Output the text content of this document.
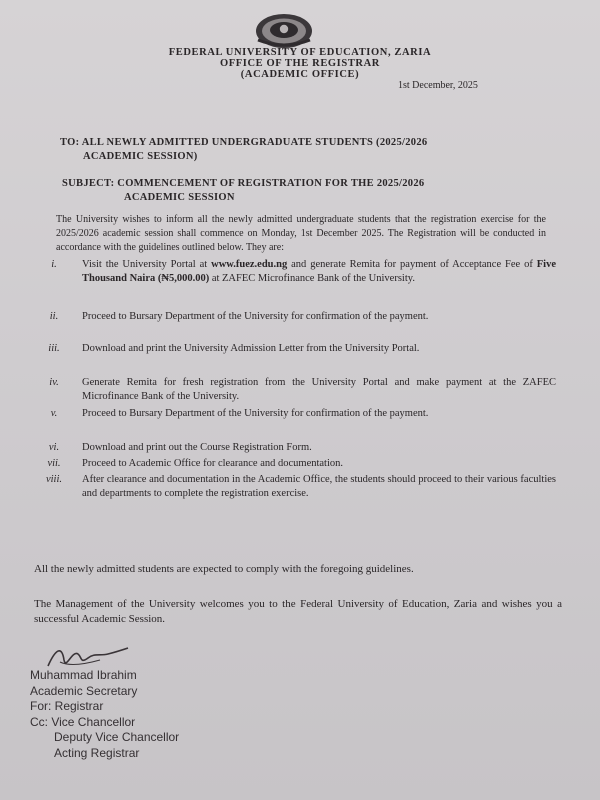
FEDERAL UNIVERSITY OF EDUCATION, ZARIA
OFFICE OF THE REGISTRAR
(ACADEMIC OFFICE)
1st December, 2025
TO: ALL NEWLY ADMITTED UNDERGRADUATE STUDENTS (2025/2026
ACADEMIC SESSION)
SUBJECT: COMMENCEMENT OF REGISTRATION FOR THE 2025/2026
ACADEMIC SESSION
The University wishes to inform all the newly admitted undergraduate students that the registration exercise for the 2025/2026 academic session shall commence on Monday, 1st December 2025. The Registration will be conducted in accordance with the guidelines outlined below. They are:
i.	Visit the University Portal at www.fuez.edu.ng and generate Remita for payment of Acceptance Fee of Five Thousand Naira (₦5,000.00) at ZAFEC Microfinance Bank of the University.
ii.	Proceed to Bursary Department of the University for confirmation of the payment.
iii.	Download and print the University Admission Letter from the University Portal.
iv.	Generate Remita for fresh registration from the University Portal and make payment at the ZAFEC Microfinance Bank of the University.
v.	Proceed to Bursary Department of the University for confirmation of the payment.
vi.	Download and print out the Course Registration Form.
vii.	Proceed to Academic Office for clearance and documentation.
viii.	After clearance and documentation in the Academic Office, the students should proceed to their various faculties and departments to complete the registration exercise.
All the newly admitted students are expected to comply with the foregoing guidelines.
The Management of the University welcomes you to the Federal University of Education, Zaria and wishes you a successful Academic Session.
Muhammad Ibrahim
Academic Secretary
For: Registrar
Cc: Vice Chancellor
Deputy Vice Chancellor
Acting Registrar
